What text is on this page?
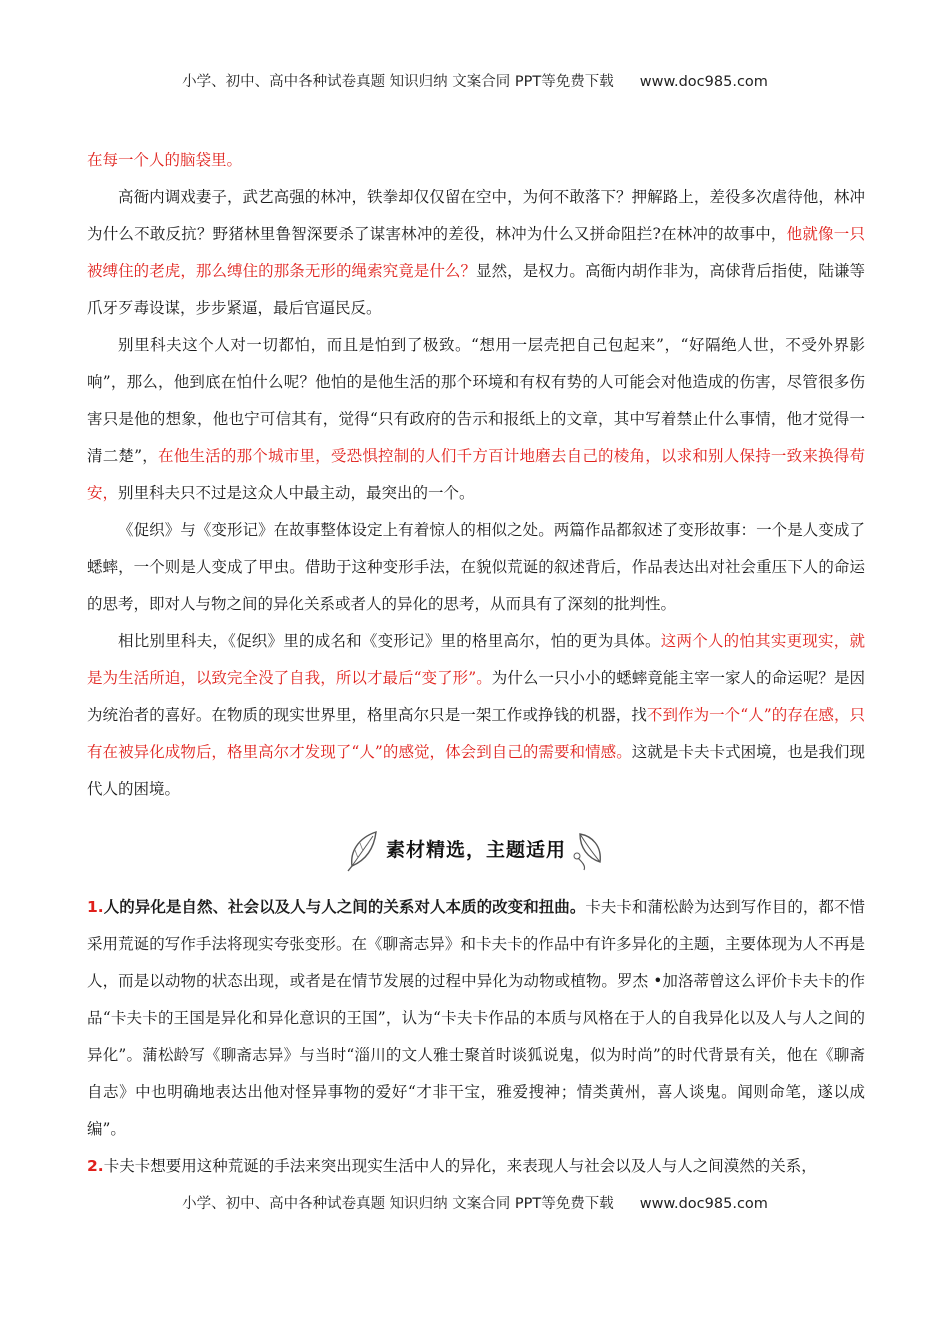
小学、初中、高中各种试卷真题 知识归纳 文案合同 PPT等免费下载 www.doc985.com

在每一个人的脑袋里。

高衙内调戏妻子，武艺高强的林冲，铁拳却仅仅留在空中，为何不敢落下？押解路上，差役多次虐待他，林冲为什么不敢反抗？野猪林里鲁智深要杀了谋害林冲的差役，林冲为什么又拼命阻拦?在林冲的故事中，他就像一只被缚住的老虎，那么缚住的那条无形的绳索究竟是什么？显然，是权力。高衙内胡作非为，高俅背后指使，陆谦等爪牙歹毒设谋，步步紧逼，最后官逼民反。

别里科夫这个人对一切都怕，而且是怕到了极致。“想用一层壳把自己包起来”，“好隔绝人世，不受外界影响”，那么，他到底在怕什么呢？他怕的是他生活的那个环境和有权有势的人可能会对他造成的伤害，尽管很多伤害只是他的想象，他也宁可信其有，觉得“只有政府的告示和报纸上的文章，其中写着禁止什么事情，他才觉得一清二楚”，在他生活的那个城市里，受恐惧控制的人们千方百计地磨去自己的棱角，以求和别人保持一致来换得苟安，别里科夫只不过是这众人中最主动，最突出的一个。

《促织》与《变形记》在故事整体设定上有着惊人的相似之处。两篇作品都叙述了变形故事：一个是人变成了蟋蟀，一个则是人变成了甲虫。借助于这种变形手法，在貌似荒诞的叙述背后，作品表达出对社会重压下人的命运的思考，即对人与物之间的异化关系或者人的异化的思考，从而具有了深刻的批判性。

相比别里科夫，《促织》里的成名和《变形记》里的格里高尔，怕的更为具体。这两个人的怕其实更现实，就是为生活所迫，以致完全没了自我，所以才最后“变了形”。为什么一只小小的蟋蟀竟能主宰一家人的命运呢？是因为统治者的喜好。在物质的现实世界里，格里高尔只是一架工作或挣钱的机器，找不到作为一个“人”的存在感，只有在被异化成物后，格里高尔才发现了“人”的感觉，体会到自己的需要和情感。这就是卡夫卡式困境，也是我们现代人的困境。

素材精选，主题适用

1.人的异化是自然、社会以及人与人之间的关系对人本质的改变和扭曲。卡夫卡和蒲松龄为达到写作目的，都不惜采用荒诞的写作手法将现实夸张变形。在《聊斋志异》和卡夫卡的作品中有许多异化的主题，主要体现为人不再是人，而是以动物的状态出现，或者是在情节发展的过程中异化为动物或植物。罗杰 •加洛蒂曾这么评价卡夫卡的作品“卡夫卡的王国是异化和异化意识的王国”，认为“卡夫卡作品的本质与风格在于人的自我异化以及人与人之间的异化”。蒲松龄写《聊斋志异》与当时“淄川的文人雅士聚首时谈狐说鬼，似为时尚”的时代背景有关，他在《聊斋自志》中也明确地表达出他对怪异事物的爱好“才非干宝，雅爱搜神；情类黄州，喜人谈鬼。闻则命笔，遂以成编”。

2.卡夫卡想要用这种荒诞的手法来突出现实生活中人的异化，来表现人与社会以及人与人之间漠然的关系，

小学、初中、高中各种试卷真题 知识归纳 文案合同 PPT等免费下载 www.doc985.com
